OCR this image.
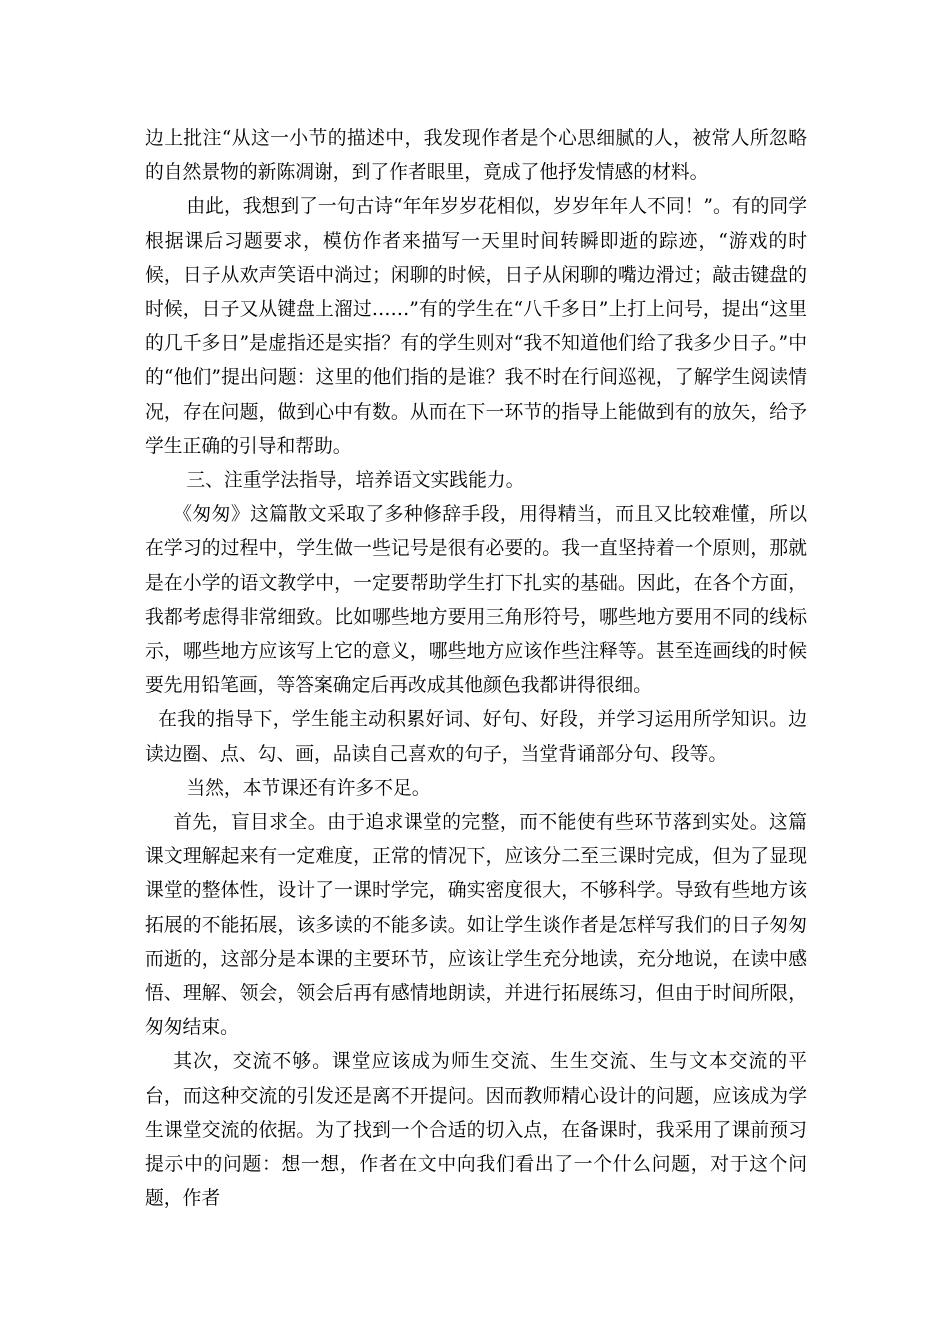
边上批注“从这一小节的描述中，我发现作者是个心思细腻的人，被常人所忽略的自然景物的新陈凋谢，到了作者眼里，竟成了他抒发情感的材料。

由此，我想到了一句古诗“年年岁岁花相似，岁岁年年人不同！”。有的同学根据课后习题要求，模仿作者来描写一天里时间转瞬即逝的踪迹，“游戏的时候，日子从欢声笑语中淌过；闲聊的时候，日子从闲聊的嘴边滑过；敲击键盘的时候，日子又从键盘上溜过……”有的学生在“八千多日”上打上问号，提出“这里的几千多日”是虚指还是实指？有的学生则对“我不知道他们给了我多少日子。”中的“他们”提出问题：这里的他们指的是谁？我不时在行间巡视，了解学生阅读情况，存在问题，做到心中有数。从而在下一环节的指导上能做到有的放矢，给予学生正确的引导和帮助。

三、注重学法指导，培养语文实践能力。

《匆匆》这篇散文采取了多种修辞手段，用得精当，而且又比较难懂，所以在学习的过程中，学生做一些记号是很有必要的。我一直坚持着一个原则，那就是在小学的语文教学中，一定要帮助学生打下扎实的基础。因此，在各个方面，我都考虑得非常细致。比如哪些地方要用三角形符号，哪些地方要用不同的线标示，哪些地方应该写上它的意义，哪些地方应该作些注释等。甚至连画线的时候要先用铅笔画，等答案确定后再改成其他颜色我都讲得很细。

在我的指导下，学生能主动积累好词、好句、好段，并学习运用所学知识。边读边圈、点、勾、画，品读自己喜欢的句子，当堂背诵部分句、段等。

当然，本节课还有许多不足。

首先，盲目求全。由于追求课堂的完整，而不能使有些环节落到实处。这篇课文理解起来有一定难度，正常的情况下，应该分二至三课时完成，但为了显现课堂的整体性，设计了一课时学完，确实密度很大，不够科学。导致有些地方该拓展的不能拓展，该多读的不能多读。如让学生谈作者是怎样写我们的日子匆匆而逝的，这部分是本课的主要环节，应该让学生充分地读，充分地说，在读中感悟、理解、领会，领会后再有感情地朗读，并进行拓展练习，但由于时间所限，匆匆结束。

其次，交流不够。课堂应该成为师生交流、生生交流、生与文本交流的平台，而这种交流的引发还是离不开提问。因而教师精心设计的问题，应该成为学生课堂交流的依据。为了找到一个合适的切入点，在备课时，我采用了课前预习提示中的问题：想一想，作者在文中向我们看出了一个什么问题，对于这个问题，作者
